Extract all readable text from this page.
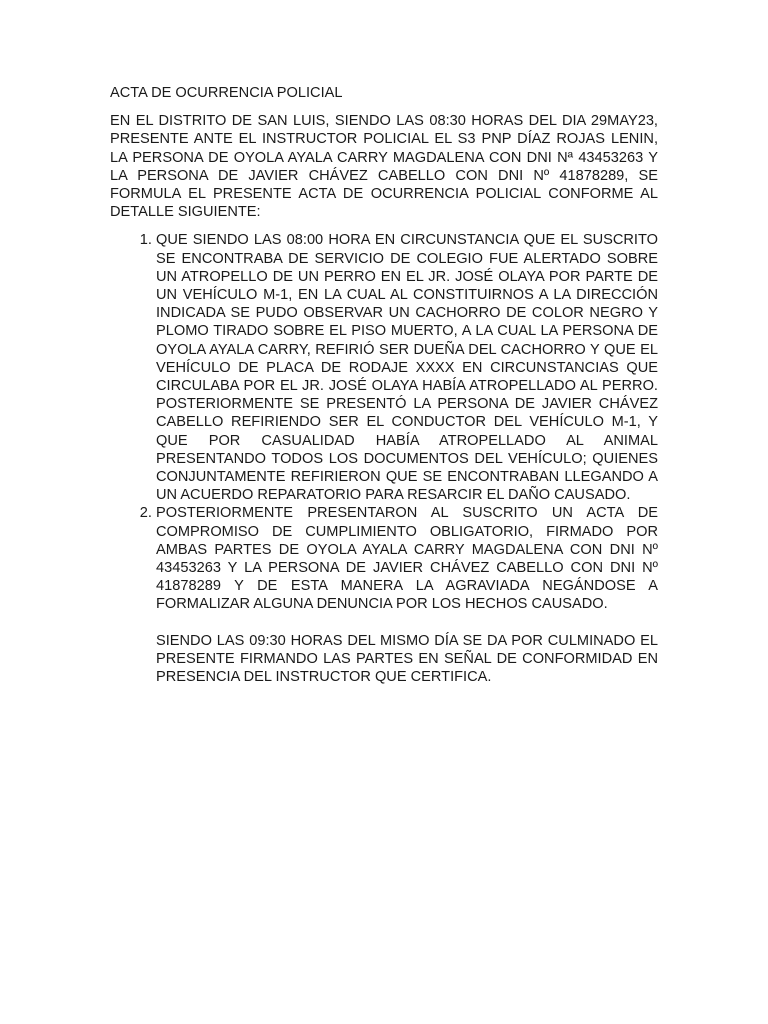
ACTA DE OCURRENCIA POLICIAL

EN EL DISTRITO DE SAN LUIS, SIENDO LAS 08:30 HORAS DEL DIA 29MAY23, PRESENTE ANTE EL INSTRUCTOR POLICIAL EL S3 PNP DÍAZ ROJAS LENIN, LA PERSONA DE OYOLA AYALA CARRY MAGDALENA CON DNI Nª 43453263 Y LA PERSONA DE JAVIER CHÁVEZ CABELLO CON DNI Nº 41878289, SE FORMULA EL PRESENTE ACTA DE OCURRENCIA POLICIAL CONFORME AL DETALLE SIGUIENTE:

1. QUE SIENDO LAS 08:00 HORA EN CIRCUNSTANCIA QUE EL SUSCRITO SE ENCONTRABA DE SERVICIO DE COLEGIO FUE ALERTADO SOBRE UN ATROPELLO DE UN PERRO EN EL JR. JOSÉ OLAYA POR PARTE DE UN VEHÍCULO M-1, EN LA CUAL AL CONSTITUIRNOS A LA DIRECCIÓN INDICADA SE PUDO OBSERVAR UN CACHORRO DE COLOR NEGRO Y PLOMO TIRADO SOBRE EL PISO MUERTO, A LA CUAL LA PERSONA DE OYOLA AYALA CARRY, REFIRIÓ SER DUEÑA DEL CACHORRO Y QUE EL VEHÍCULO DE PLACA DE RODAJE XXXX EN CIRCUNSTANCIAS QUE CIRCULABA POR EL JR. JOSÉ OLAYA HABÍA ATROPELLADO AL PERRO. POSTERIORMENTE SE PRESENTÓ LA PERSONA DE JAVIER CHÁVEZ CABELLO REFIRIENDO SER EL CONDUCTOR DEL VEHÍCULO M-1, Y QUE POR CASUALIDAD HABÍA ATROPELLADO AL ANIMAL PRESENTANDO TODOS LOS DOCUMENTOS DEL VEHÍCULO; QUIENES CONJUNTAMENTE REFIRIERON QUE SE ENCONTRABAN LLEGANDO A UN ACUERDO REPARATORIO PARA RESARCIR EL DAÑO CAUSADO.
2. POSTERIORMENTE PRESENTARON AL SUSCRITO UN ACTA DE COMPROMISO DE CUMPLIMIENTO OBLIGATORIO, FIRMADO POR AMBAS PARTES DE OYOLA AYALA CARRY MAGDALENA CON DNI Nº 43453263 Y LA PERSONA DE JAVIER CHÁVEZ CABELLO CON DNI Nº 41878289 Y DE ESTA MANERA LA AGRAVIADA NEGÁNDOSE A FORMALIZAR ALGUNA DENUNCIA POR LOS HECHOS CAUSADO.

SIENDO LAS 09:30 HORAS DEL MISMO DÍA SE DA POR CULMINADO EL PRESENTE FIRMANDO LAS PARTES EN SEÑAL DE CONFORMIDAD EN PRESENCIA DEL INSTRUCTOR QUE CERTIFICA.
